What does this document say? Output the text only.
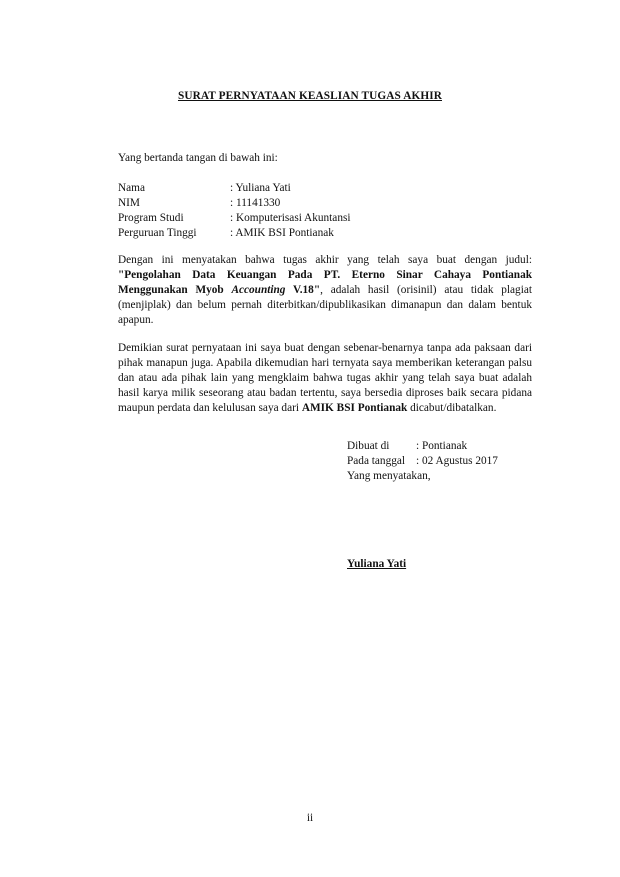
SURAT PERNYATAAN KEASLIAN TUGAS AKHIR
Yang bertanda tangan di bawah ini:
Nama	: Yuliana Yati
NIM	: 11141330
Program Studi	: Komputerisasi Akuntansi
Perguruan Tinggi	: AMIK BSI Pontianak
Dengan ini menyatakan bahwa tugas akhir yang telah saya buat dengan judul: "Pengolahan Data Keuangan Pada PT. Eterno Sinar Cahaya Pontianak Menggunakan Myob Accounting V.18", adalah hasil (orisinil) atau tidak plagiat (menjiplak) dan belum pernah diterbitkan/dipublikasikan dimanapun dan dalam bentuk apapun.
Demikian surat pernyataan ini saya buat dengan sebenar-benarnya tanpa ada paksaan dari pihak manapun juga. Apabila dikemudian hari ternyata saya memberikan keterangan palsu dan atau ada pihak lain yang mengklaim bahwa tugas akhir yang telah saya buat adalah hasil karya milik seseorang atau badan tertentu, saya bersedia diproses baik secara pidana maupun perdata dan kelulusan saya dari AMIK BSI Pontianak dicabut/dibatalkan.
Dibuat di	: Pontianak
Pada tanggal	: 02 Agustus 2017
Yang menyatakan,
Yuliana Yati
ii
